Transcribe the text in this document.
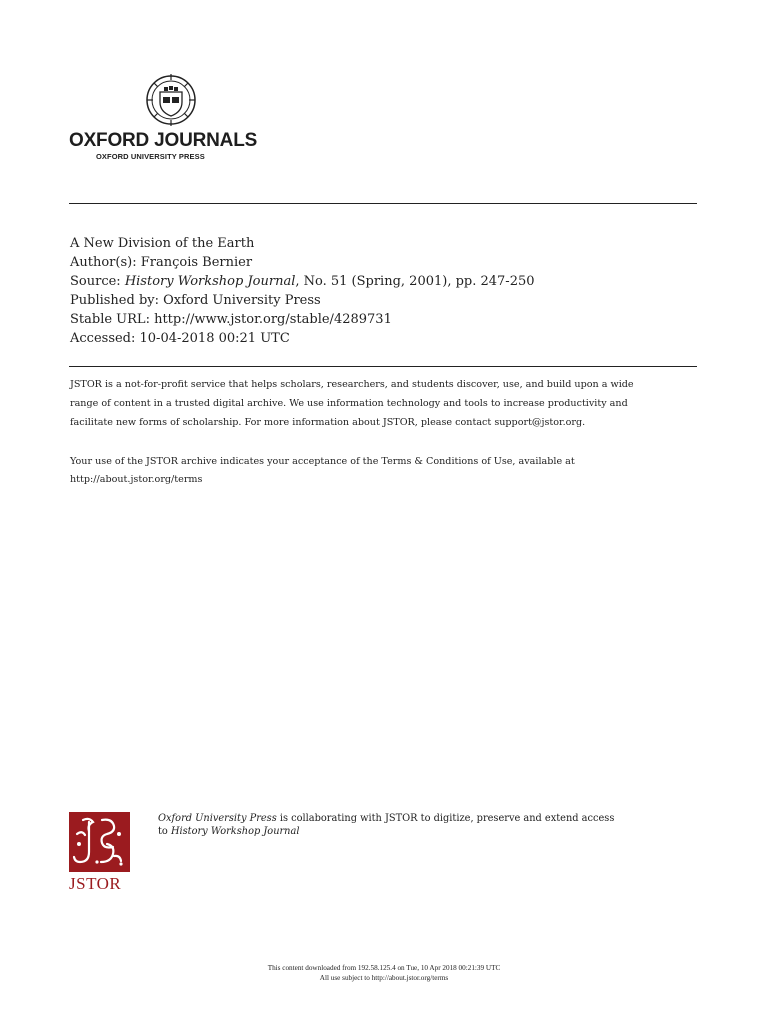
OXFORD JOURNALS
OXFORD UNIVERSITY PRESS
A New Division of the Earth
Author(s): François Bernier
Source: History Workshop Journal, No. 51 (Spring, 2001), pp. 247-250
Published by: Oxford University Press
Stable URL: http://www.jstor.org/stable/4289731
Accessed: 10-04-2018 00:21 UTC
JSTOR is a not-for-profit service that helps scholars, researchers, and students discover, use, and build upon a wide
range of content in a trusted digital archive. We use information technology and tools to increase productivity and
facilitate new forms of scholarship. For more information about JSTOR, please contact support@jstor.org.
Your use of the JSTOR archive indicates your acceptance of the Terms & Conditions of Use, available at
http://about.jstor.org/terms
JSTOR
Oxford University Press is collaborating with JSTOR to digitize, preserve and extend access
to History Workshop Journal
This content downloaded from 192.58.125.4 on Tue, 10 Apr 2018 00:21:39 UTC
All use subject to http://about.jstor.org/terms
